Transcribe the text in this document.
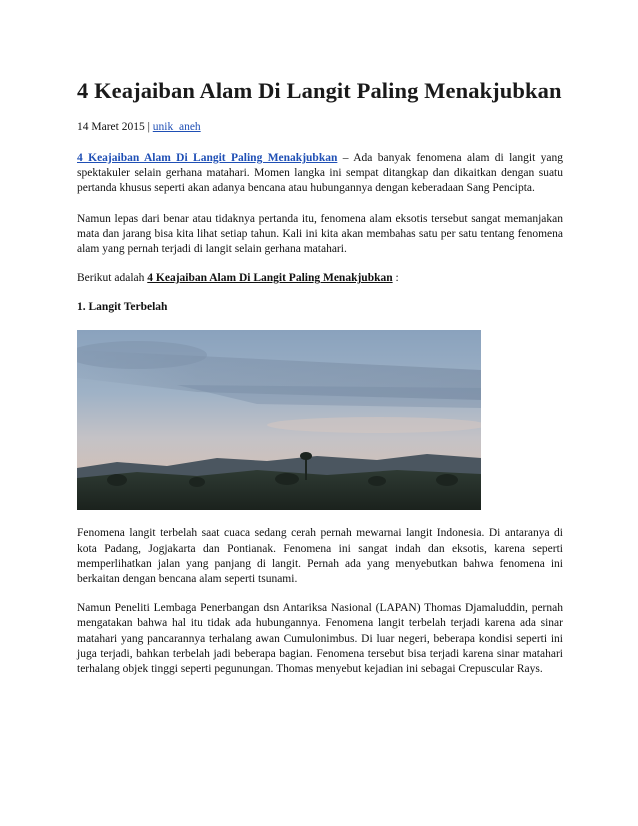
4 Keajaiban Alam Di Langit Paling Menakjubkan
14 Maret 2015 | unik_aneh

4 Keajaiban Alam Di Langit Paling Menakjubkan – Ada banyak fenomena alam di langit yang spektakuler selain gerhana matahari. Momen langka ini sempat ditangkap dan dikaitkan dengan suatu pertanda khusus seperti akan adanya bencana atau hubungannya dengan keberadaan Sang Pencipta.

Namun lepas dari benar atau tidaknya pertanda itu, fenomena alam eksotis tersebut sangat memanjakan mata dan jarang bisa kita lihat setiap tahun. Kali ini kita akan membahas satu per satu tentang fenomena alam yang pernah terjadi di langit selain gerhana matahari.

Berikut adalah 4 Keajaiban Alam Di Langit Paling Menakjubkan :

1. Langit Terbelah

Fenomena langit terbelah saat cuaca sedang cerah pernah mewarnai langit Indonesia. Di antaranya di kota Padang, Jogjakarta dan Pontianak. Fenomena ini sangat indah dan eksotis, karena seperti memperlihatkan jalan yang panjang di langit. Pernah ada yang menyebutkan bahwa fenomena ini berkaitan dengan bencana alam seperti tsunami.

Namun Peneliti Lembaga Penerbangan dsn Antariksa Nasional (LAPAN) Thomas Djamaluddin, pernah mengatakan bahwa hal itu tidak ada hubungannya. Fenomena langit terbelah terjadi karena ada sinar matahari yang pancarannya terhalang awan Cumulonimbus. Di luar negeri, beberapa kondisi seperti ini juga terjadi, bahkan terbelah jadi beberapa bagian. Fenomena tersebut bisa terjadi karena sinar matahari terhalang objek tinggi seperti pegunungan. Thomas menyebut kejadian ini sebagai Crepuscular Rays.
